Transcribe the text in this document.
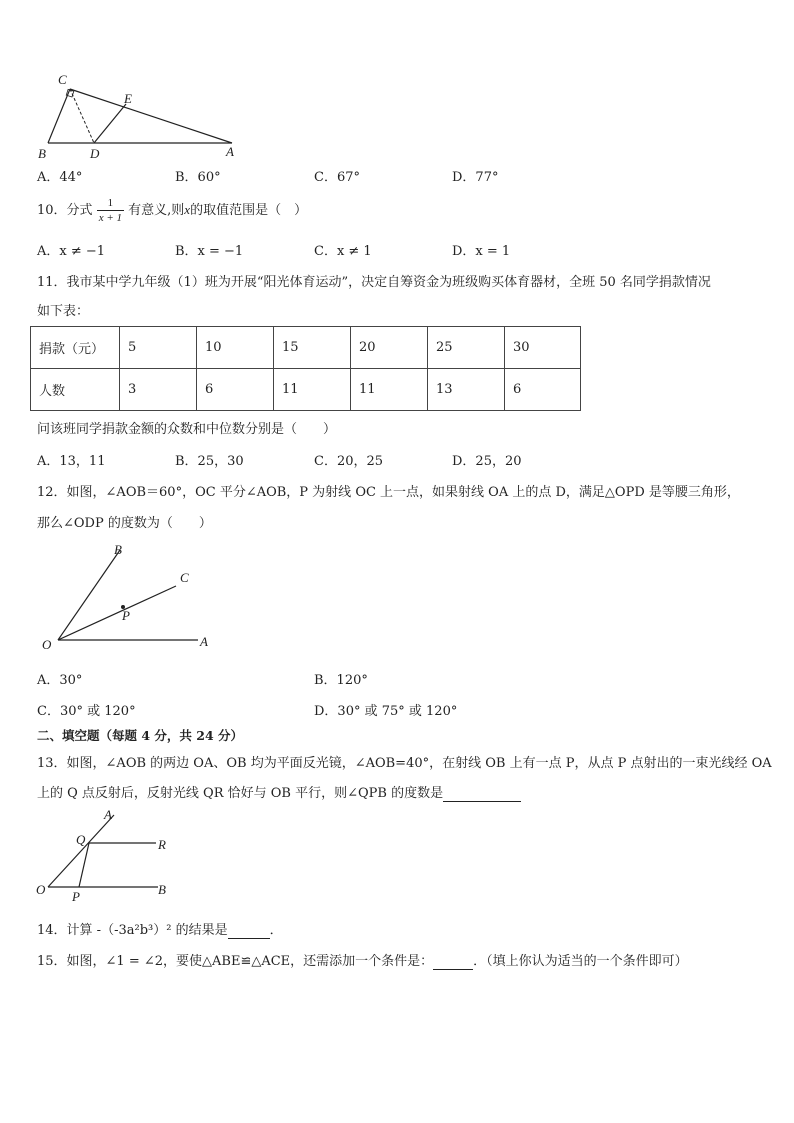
C
E
B	D	A
A．44°	B．60°	C．67°	D．77°
10．分式 $\frac{1}{x + 1}$ 有意义,则x的取值范围是（　）
A．x ≠ −1	B．x = −1	C．x ≠ 1	D．x = 1
11．我市某中学九年级（1）班为开展“阳光体育运动”，决定自筹资金为班级购买体育器材，全班 50 名同学捐款情况
如下表：
捐款（元）	5	10	15	20	25	30
人数	3	6	11	11	13	6
问该班同学捐款金额的众数和中位数分别是（　　）
A．13，11	B．25，30	C．20，25	D．25，20
12．如图，∠AOB＝60°，OC 平分∠AOB，P 为射线 OC 上一点，如果射线 OA 上的点 D，满足△OPD 是等腰三角形，
那么∠ODP 的度数为（　　）
B
C
P
O	A
A．30°	B．120°
C．30° 或 120°	D．30° 或 75° 或 120°
二、填空题（每题 4 分，共 24 分）
13．如图，∠AOB 的两边 OA、OB 均为平面反光镜，∠AOB=40°，在射线 OB 上有一点 P，从点 P 点射出的一束光线经 OA
上的 Q 点反射后，反射光线 QR 恰好与 OB 平行，则∠QPB 的度数是
A
Q	R
O P	B
14．计算 -（-3a²b³）² 的结果是	．
15．如图，∠1 = ∠2，要使△ABE≌△ACE，还需添加一个条件是：	．（填上你认为适当的一个条件即可）
